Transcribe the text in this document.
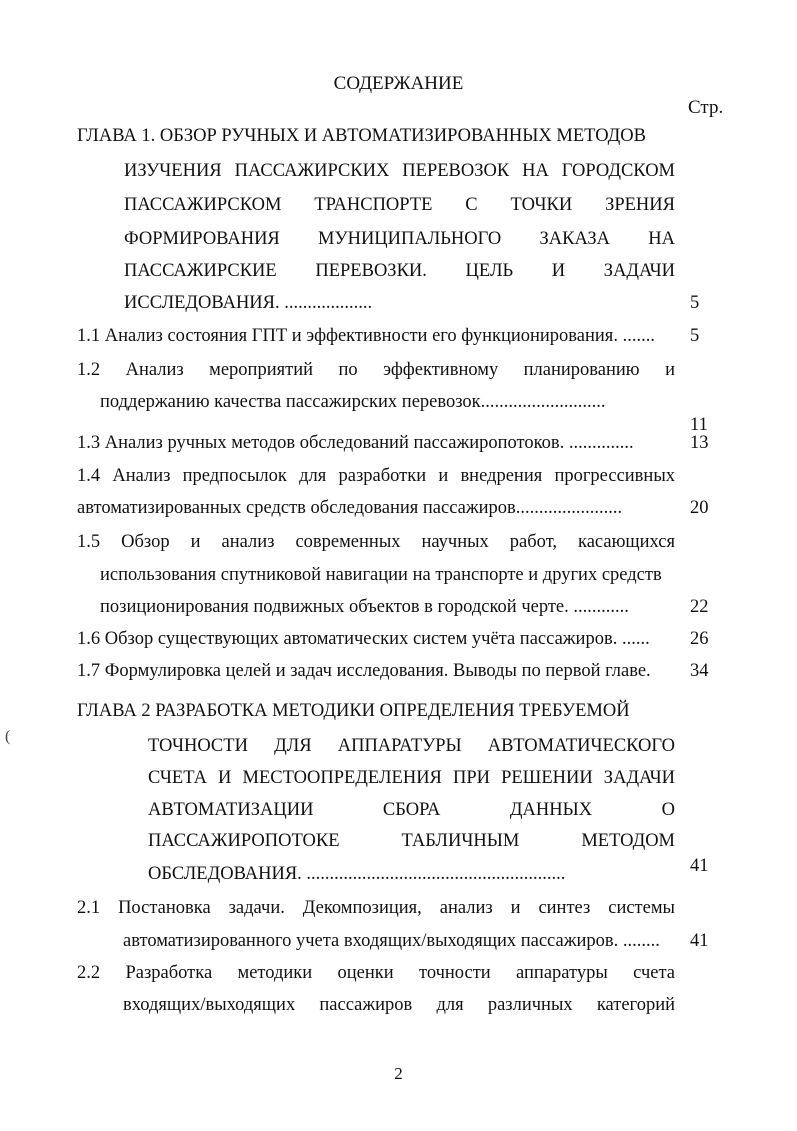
СОДЕРЖАНИЕ
Стр.
(
ГЛАВА 1. ОБЗОР РУЧНЫХ И АВТОМАТИЗИРОВАННЫХ МЕТОДОВ
ИЗУЧЕНИЯ ПАССАЖИРСКИХ ПЕРЕВОЗОК НА ГОРОДСКОМ
ПАССАЖИРСКОМ ТРАНСПОРТЕ С ТОЧКИ ЗРЕНИЯ
ФОРМИРОВАНИЯ МУНИЦИПАЛЬНОГО ЗАКАЗА НА
ПАССАЖИРСКИЕ ПЕРЕВОЗКИ. ЦЕЛЬ И ЗАДАЧИ
ИССЛЕДОВАНИЯ. ...................	5
1.1 Анализ состояния ГПТ и эффективности его функционирования. ....... 5
1.2 Анализ мероприятий по эффективному планированию и
поддержанию качества пассажирских перевозок...........................
11
1.3 Анализ ручных методов обследований пассажиропотоков. ..............	13
1.4 Анализ предпосылок для разработки и внедрения прогрессивных
автоматизированных средств обследования пассажиров.......................	20
1.5 Обзор и анализ современных научных работ, касающихся
использования спутниковой навигации на транспорте и других средств
позиционирования подвижных объектов в городской черте. ............	22
1.6 Обзор существующих автоматических систем учёта пассажиров. ...... 26
1.7 Формулировка целей и задач исследования. Выводы по первой главе. 34
ГЛАВА 2 РАЗРАБОТКА МЕТОДИКИ ОПРЕДЕЛЕНИЯ ТРЕБУЕМОЙ
ТОЧНОСТИ ДЛЯ АППАРАТУРЫ АВТОМАТИЧЕСКОГО
СЧЕТА И МЕСТООПРЕДЕЛЕНИЯ ПРИ РЕШЕНИИ ЗАДАЧИ
АВТОМАТИЗАЦИИ СБОРА ДАННЫХ О
ПАССАЖИРОПОТОКЕ ТАБЛИЧНЫМ МЕТОДОМ
ОБСЛЕДОВАНИЯ. ........................................................	41
2.1 Постановка задачи. Декомпозиция, анализ и синтез системы
автоматизированного учета входящих/выходящих пассажиров. ........ 41
2.2 Разработка методики оценки точности аппаратуры счета
входящих/выходящих пассажиров для различных категорий
2
